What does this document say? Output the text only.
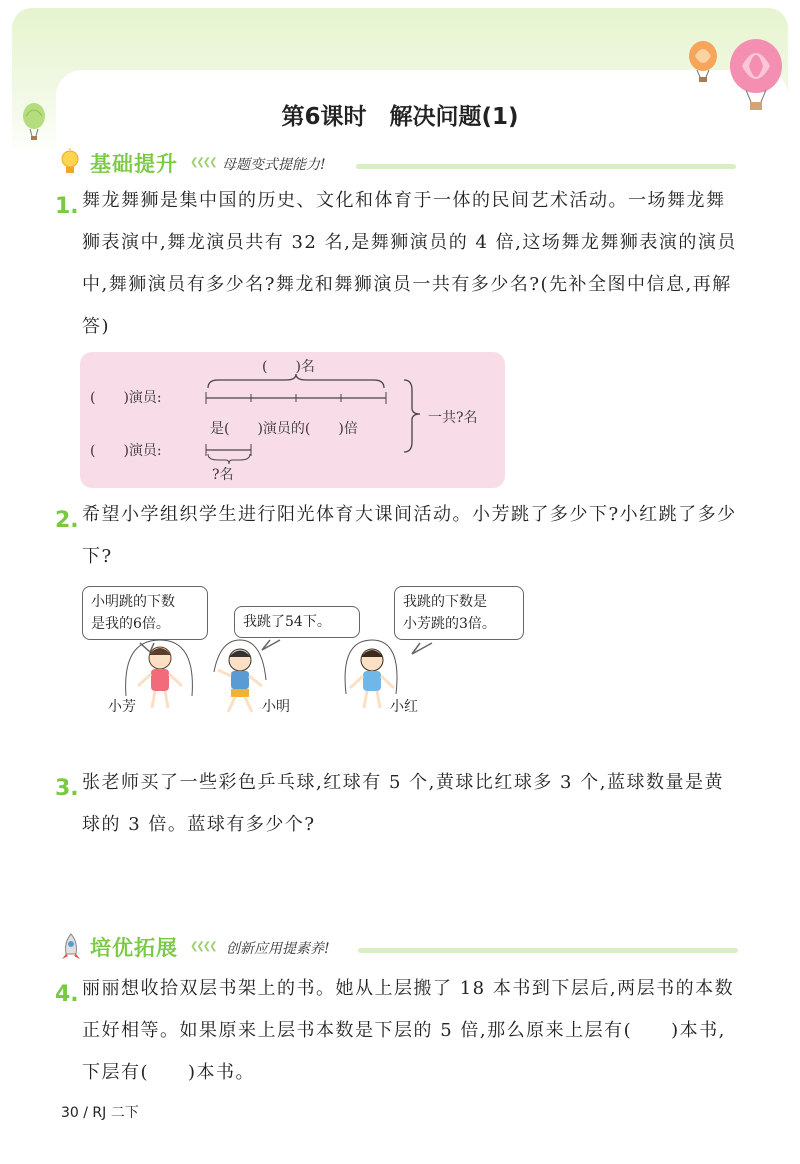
第6课时　解决问题(1)
基础提升 ❮❮❮❮ 母题变式提能力!
1. 舞龙舞狮是集中国的历史、文化和体育于一体的民间艺术活动。一场舞龙舞狮表演中,舞龙演员共有 32 名,是舞狮演员的 4 倍,这场舞龙舞狮表演的演员中,舞狮演员有多少名?舞龙和舞狮演员一共有多少名?(先补全图中信息,再解答)
(　　)名
(　　)演员:
(　　)演员:
是(　　)演员的(　　)倍
?名
一共?名
2. 希望小学组织学生进行阳光体育大课间活动。小芳跳了多少下?小红跳了多少下?
小明跳的下数
是我的6倍。	我跳了54下。
我跳的下数是
小芳跳的3倍。
小芳	小明	小红
3. 张老师买了一些彩色乒乓球,红球有 5 个,黄球比红球多 3 个,蓝球数量是黄球的 3 倍。蓝球有多少个?
培优拓展 ❮❮❮❮ 创新应用提素养!
4. 丽丽想收拾双层书架上的书。她从上层搬了 18 本书到下层后,两层书的本数正好相等。如果原来上层书本数是下层的 5 倍,那么原来上层有(　　)本书,下层有(　　)本书。
30 / RJ 二下
